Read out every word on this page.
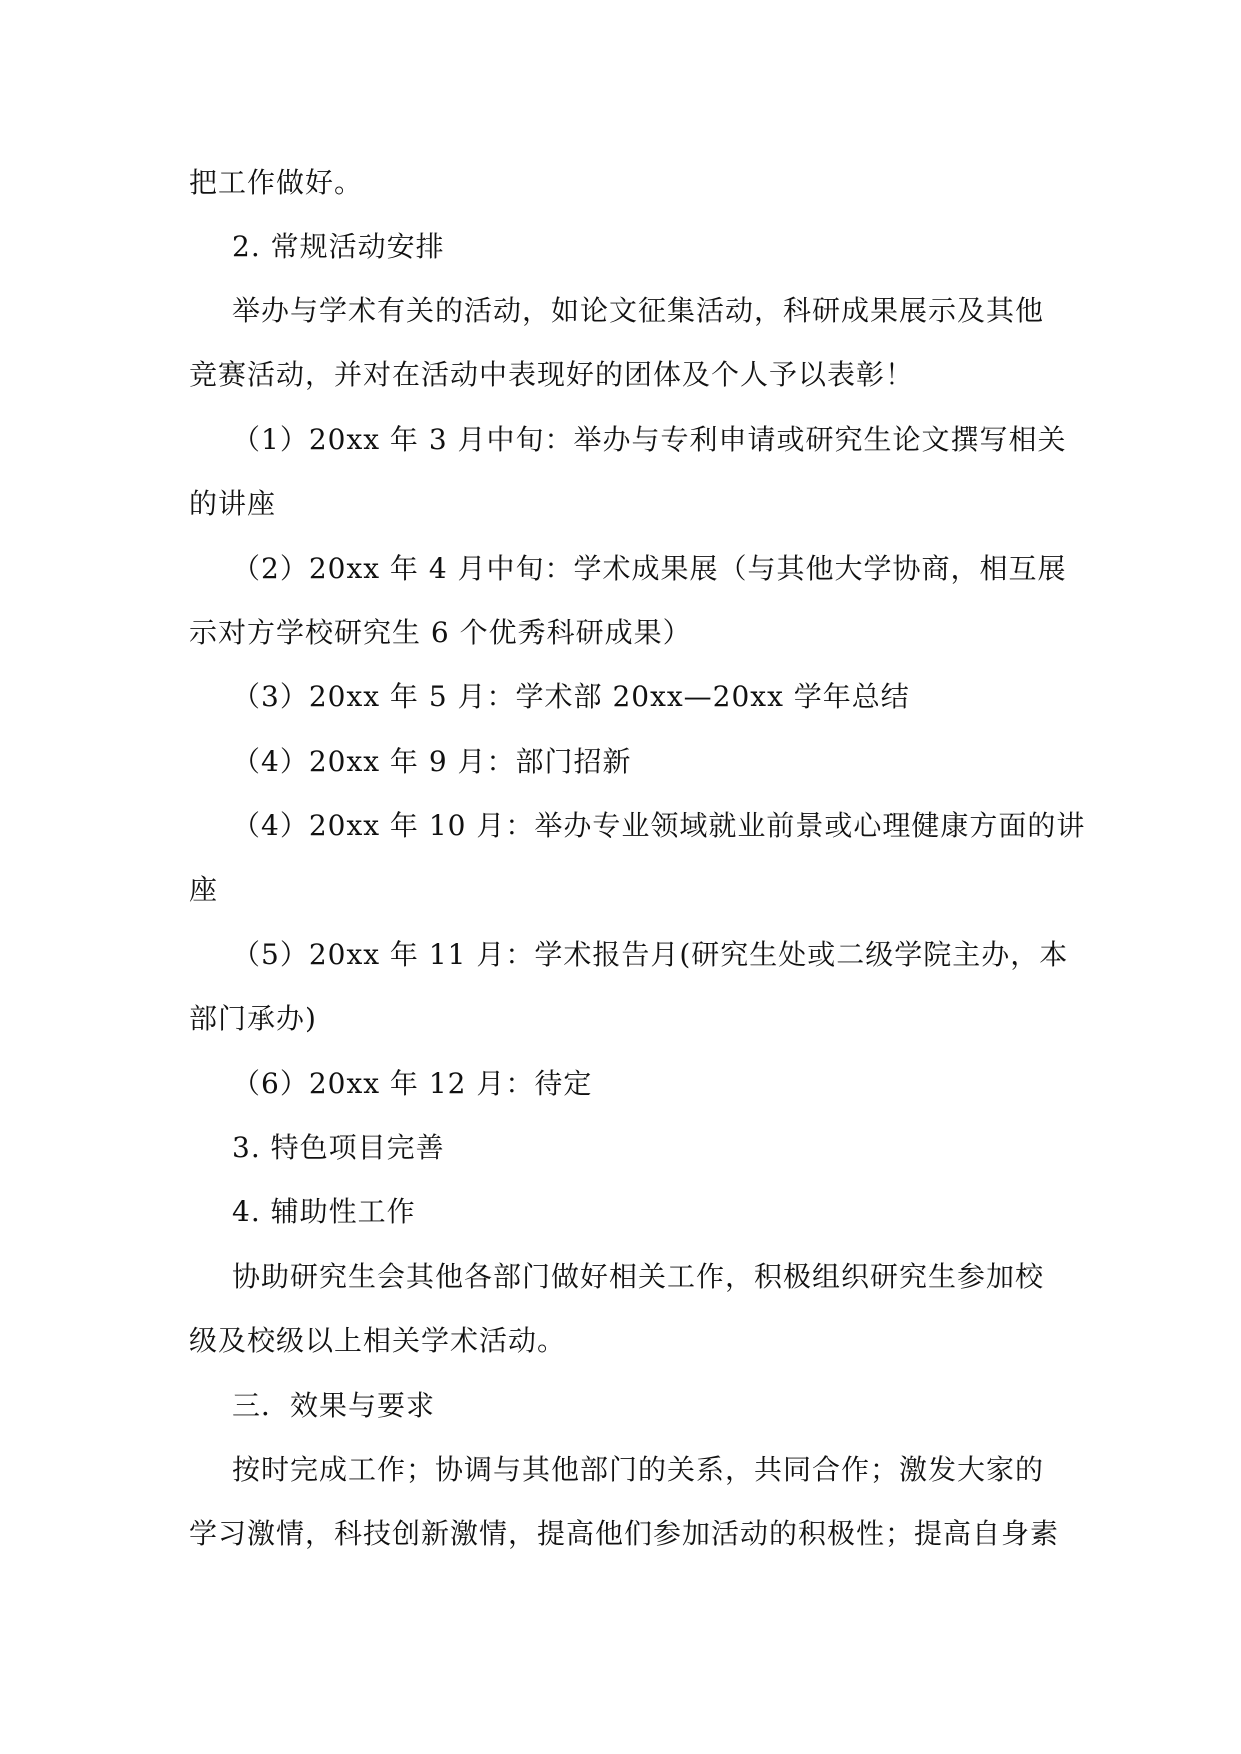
把工作做好。
2. 常规活动安排
举办与学术有关的活动，如论文征集活动，科研成果展示及其他
竞赛活动，并对在活动中表现好的团体及个人予以表彰！
（1）20xx 年 3 月中旬：举办与专利申请或研究生论文撰写相关
的讲座
（2）20xx 年 4 月中旬：学术成果展（与其他大学协商，相互展
示对方学校研究生 6 个优秀科研成果）
（3）20xx 年 5 月：学术部 20xx—20xx 学年总结
（4）20xx 年 9 月：部门招新
（4）20xx 年 10 月：举办专业领域就业前景或心理健康方面的讲
座
（5）20xx 年 11 月：学术报告月(研究生处或二级学院主办，本
部门承办)
（6）20xx 年 12 月：待定
3. 特色项目完善
4. 辅助性工作
协助研究生会其他各部门做好相关工作，积极组织研究生参加校
级及校级以上相关学术活动。
三．效果与要求
按时完成工作；协调与其他部门的关系，共同合作；激发大家的
学习激情，科技创新激情，提高他们参加活动的积极性；提高自身素
